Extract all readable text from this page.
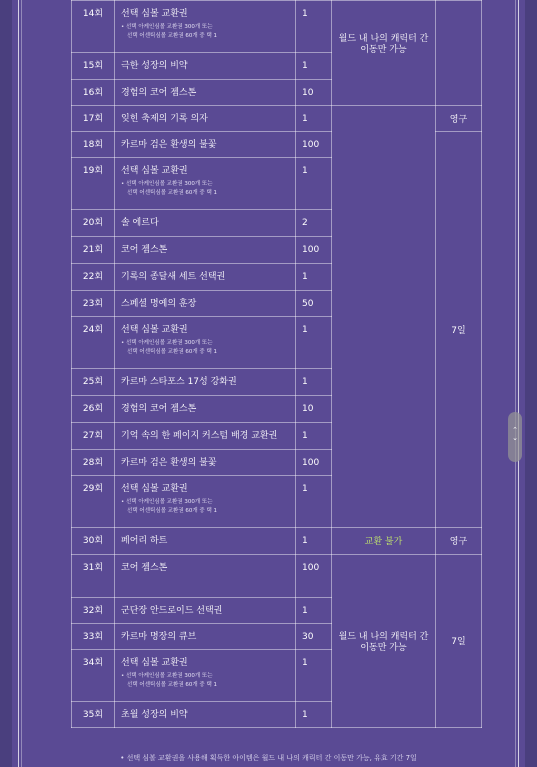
14회	선택 심볼 교환권
• 선택 아케인심볼 교환권 300개 또는
선택 어센틱심볼 교환권 60개 중 택 1	1	월드 내 나의 캐릭터 간 이동만 가능	
15회	극한 성장의 비약	1		
16회	경험의 코어 젬스톤	10		
17회	잊힌 축제의 기록 의자	1		영구
18회	카르마 검은 환생의 불꽃	100		7일
19회	선택 심볼 교환권
• 선택 아케인심볼 교환권 300개 또는
선택 어센틱심볼 교환권 60개 중 택 1	1		
20회	솔 에르다	2		
21회	코어 젬스톤	100		
22회	기록의 종달새 세트 선택권	1		
23회	스페셜 명예의 훈장	50		
24회	선택 심볼 교환권
• 선택 아케인심볼 교환권 300개 또는
선택 어센틱심볼 교환권 60개 중 택 1	1		
25회	카르마 스타포스 17성 강화권	1		
26회	경험의 코어 젬스톤	10		
27회	기억 속의 한 페이지 커스텀 배경 교환권	1		
28회	카르마 검은 환생의 불꽃	100		
29회	선택 심볼 교환권
• 선택 아케인심볼 교환권 300개 또는
선택 어센틱심볼 교환권 60개 중 택 1	1		
30회	페어리 하트	1	교환 불가	영구
31회	코어 젬스톤	100	월드 내 나의 캐릭터 간 이동만 가능	7일
32회	군단장 안드로이드 선택권	1		
33회	카르마 명장의 큐브	30		
34회	선택 심볼 교환권
• 선택 아케인심볼 교환권 300개 또는
선택 어센틱심볼 교환권 60개 중 택 1	1		
35회	초월 성장의 비약	1		
• 선택 심볼 교환권을 사용해 획득한 아이템은 월드 내 나의 캐릭터 간 이동만 가능, 유효 기간 7일
⌃
⌄
